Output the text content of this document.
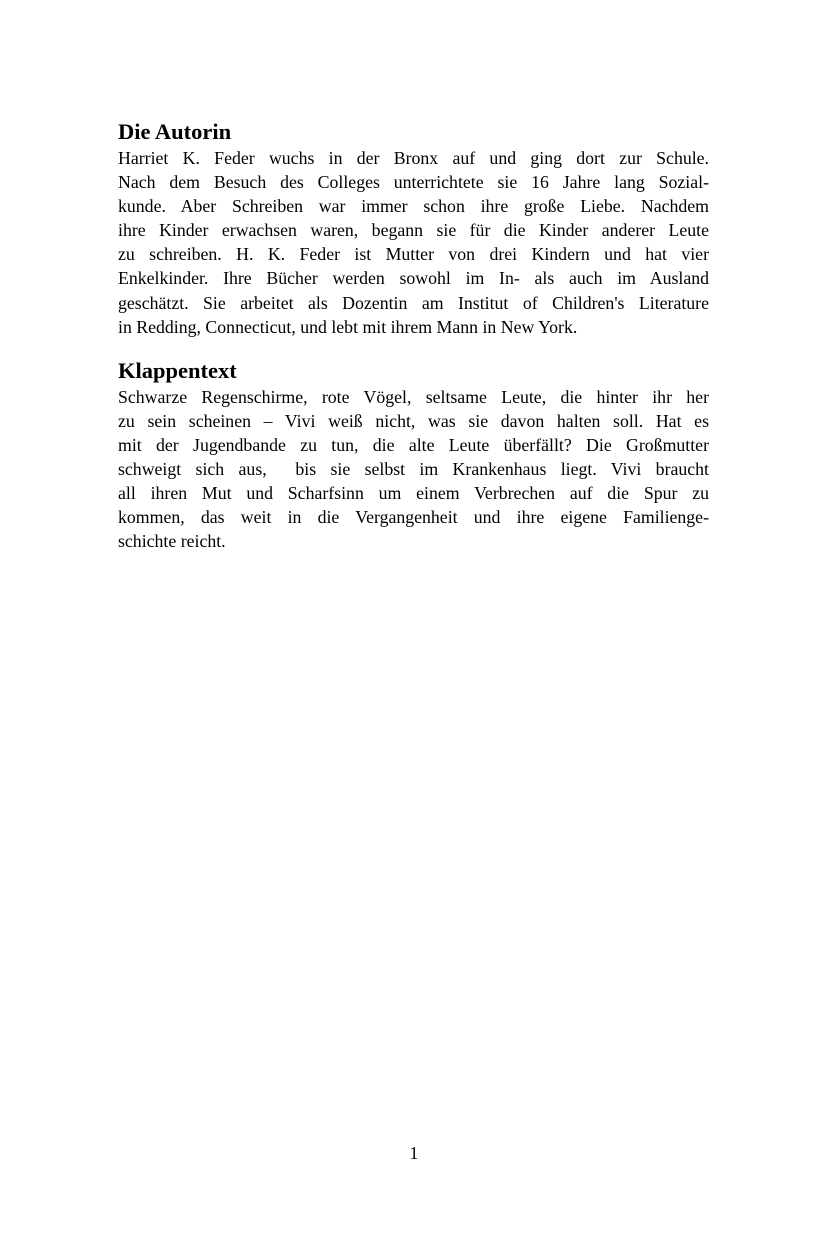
Die Autorin

Harriet K. Feder wuchs in der Bronx auf und ging dort zur Schule.
Nach dem Besuch des Colleges unterrichtete sie 16 Jahre lang Sozial-
kunde. Aber Schreiben war immer schon ihre große Liebe. Nachdem
ihre Kinder erwachsen waren, begann sie für die Kinder anderer Leute
zu schreiben. H. K. Feder ist Mutter von drei Kindern und hat vier
Enkelkinder. Ihre Bücher werden sowohl im In- als auch im Ausland
geschätzt. Sie arbeitet als Dozentin am Institut of Children's Literature
in Redding, Connecticut, und lebt mit ihrem Mann in New York.

Klappentext

Schwarze Regenschirme, rote Vögel, seltsame Leute, die hinter ihr her
zu sein scheinen – Vivi weiß nicht, was sie davon halten soll. Hat es
mit der Jugendbande zu tun, die alte Leute überfällt? Die Großmutter
schweigt sich aus,  bis sie selbst im Krankenhaus liegt. Vivi braucht
all ihren Mut und Scharfsinn um einem Verbrechen auf die Spur zu
kommen, das weit in die Vergangenheit und ihre eigene Familienge-
schichte reicht.

1
